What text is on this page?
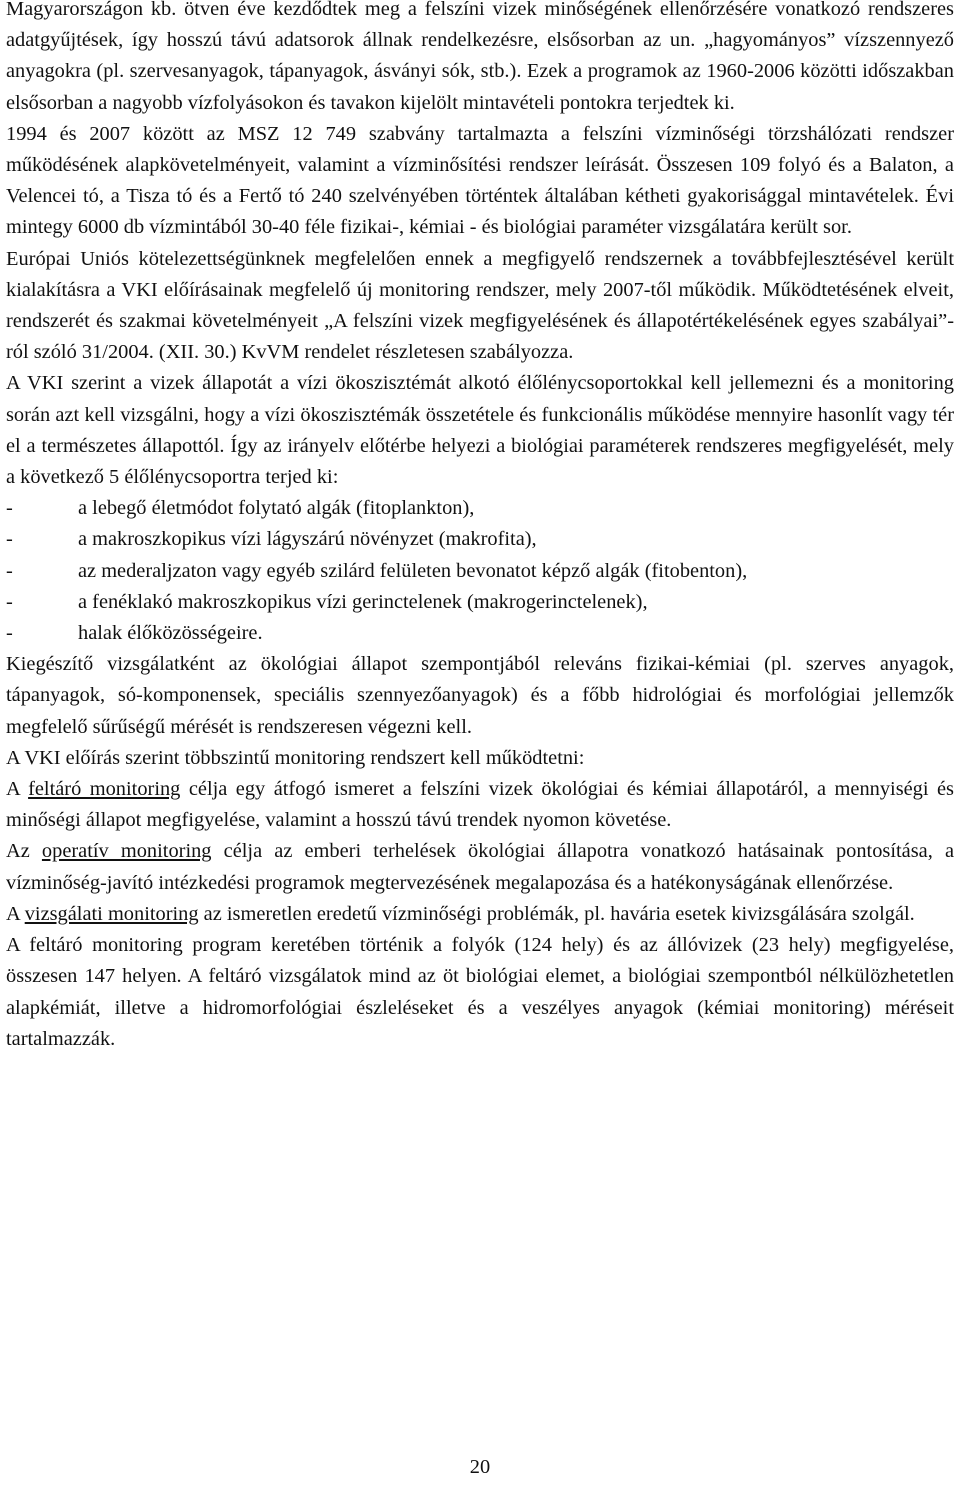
Magyarországon kb. ötven éve kezdődtek meg a felszíni vizek minőségének ellenőrzésére vonatkozó rendszeres adatgyűjtések, így hosszú távú adatsorok állnak rendelkezésre, elsősorban az un. „hagyományos” vízszennyező anyagokra (pl. szervesanyagok, tápanyagok, ásványi sók, stb.). Ezek a programok az 1960-2006 közötti időszakban elsősorban a nagyobb vízfolyásokon és tavakon kijelölt mintavételi pontokra terjedtek ki.

1994 és 2007 között az MSZ 12 749 szabvány tartalmazta a felszíni vízminőségi törzshálózati rendszer működésének alapkövetelményeit, valamint a vízminősítési rendszer leírását. Összesen 109 folyó és a Balaton, a Velencei tó, a Tisza tó és a Fertő tó 240 szelvényében történtek általában kétheti gyakorisággal mintavételek. Évi mintegy 6000 db vízmintából 30-40 féle fizikai-, kémiai - és biológiai paraméter vizsgálatára került sor.

Európai Uniós kötelezettségünknek megfelelően ennek a megfigyelő rendszernek a továbbfejlesztésével került kialakításra a VKI előírásainak megfelelő új monitoring rendszer, mely 2007-től működik. Működtetésének elveit, rendszerét és szakmai követelményeit „A felszíni vizek megfigyelésének és állapotértékelésének egyes szabályai”-ról szóló 31/2004. (XII. 30.) KvVM rendelet részletesen szabályozza.

A VKI szerint a vizek állapotát a vízi ökoszisztémát alkotó élőlénycsoportokkal kell jellemezni és a monitoring során azt kell vizsgálni, hogy a vízi ökoszisztémák összetétele és funkcionális működése mennyire hasonlít vagy tér el a természetes állapottól. Így az irányelv előtérbe helyezi a biológiai paraméterek rendszeres megfigyelését, mely a következő 5 élőlénycsoportra terjed ki:

-	a lebegő életmódot folytató algák (fitoplankton),
-	a makroszkopikus vízi lágyszárú növényzet (makrofita),
-	az mederaljzaton vagy egyéb szilárd felületen bevonatot képző algák (fitobenton),
-	a fenéklakó makroszkopikus vízi gerinctelenek (makrogerinctelenek),
-	halak élőközösségeire.

Kiegészítő vizsgálatként az ökológiai állapot szempontjából releváns fizikai-kémiai (pl. szerves anyagok, tápanyagok, só-komponensek, speciális szennyezőanyagok) és a főbb hidrológiai és morfológiai jellemzők megfelelő sűrűségű mérését is rendszeresen végezni kell.

A VKI előírás szerint többszintű monitoring rendszert kell működtetni:

A feltáró monitoring célja egy átfogó ismeret a felszíni vizek ökológiai és kémiai állapotáról, a mennyiségi és minőségi állapot megfigyelése, valamint a hosszú távú trendek nyomon követése.

Az operatív monitoring célja az emberi terhelések ökológiai állapotra vonatkozó hatásainak pontosítása, a vízminőség-javító intézkedési programok megtervezésének megalapozása és a hatékonyságának ellenőrzése.

A vizsgálati monitoring az ismeretlen eredetű vízminőségi problémák, pl. havária esetek kivizsgálására szolgál.

A feltáró monitoring program keretében történik a folyók (124 hely) és az állóvizek (23 hely) megfigyelése, összesen 147 helyen. A feltáró vizsgálatok mind az öt biológiai elemet, a biológiai szempontból nélkülözhetetlen alapkémiát, illetve a hidromorfológiai észleléseket és a veszélyes anyagok (kémiai monitoring) méréseit tartalmazzák.

20
